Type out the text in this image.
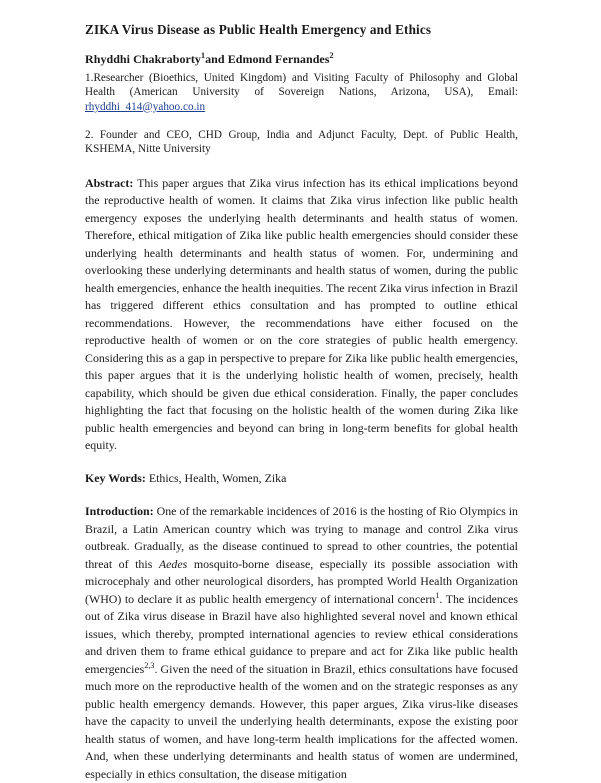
ZIKA Virus Disease as Public Health Emergency and Ethics

Rhyddhi Chakraborty$^1$and Edmond Fernandes$^2$

1.Researcher (Bioethics, United Kingdom) and Visiting Faculty of Philosophy and Global Health (American University of Sovereign Nations, Arizona, USA), Email: rhyddhi_414@yahoo.co.in
2. Founder and CEO, CHD Group, India and Adjunct Faculty, Dept. of Public Health, KSHEMA, Nitte University

Abstract: This paper argues that Zika virus infection has its ethical implications beyond the reproductive health of women. It claims that Zika virus infection like public health emergency exposes the underlying health determinants and health status of women. Therefore, ethical mitigation of Zika like public health emergencies should consider these underlying health determinants and health status of women. For, undermining and overlooking these underlying determinants and health status of women, during the public health emergencies, enhance the health inequities. The recent Zika virus infection in Brazil has triggered different ethics consultation and has prompted to outline ethical recommendations. However, the recommendations have either focused on the reproductive health of women or on the core strategies of public health emergency. Considering this as a gap in perspective to prepare for Zika like public health emergencies, this paper argues that it is the underlying holistic health of women, precisely, health capability, which should be given due ethical consideration. Finally, the paper concludes highlighting the fact that focusing on the holistic health of the women during Zika like public health emergencies and beyond can bring in long-term benefits for global health equity.

Key Words: Ethics, Health, Women, Zika

Introduction: One of the remarkable incidences of 2016 is the hosting of Rio Olympics in Brazil, a Latin American country which was trying to manage and control Zika virus outbreak. Gradually, as the disease continued to spread to other countries, the potential threat of this Aedes mosquito-borne disease, especially its possible association with microcephaly and other neurological disorders, has prompted World Health Organization (WHO) to declare it as public health emergency of international concern$^1$. The incidences out of Zika virus disease in Brazil have also highlighted several novel and known ethical issues, which thereby, prompted international agencies to review ethical considerations and driven them to frame ethical guidance to prepare and act for Zika like public health emergencies$^{2,3}$. Given the need of the situation in Brazil, ethics consultations have focused much more on the reproductive health of the women and on the strategic responses as any public health emergency demands. However, this paper argues, Zika virus-like diseases have the capacity to unveil the underlying health determinants, expose the existing poor health status of women, and have long-term health implications for the affected women. And, when these underlying determinants and health status of women are undermined, especially in ethics consultation, the disease mitigation
